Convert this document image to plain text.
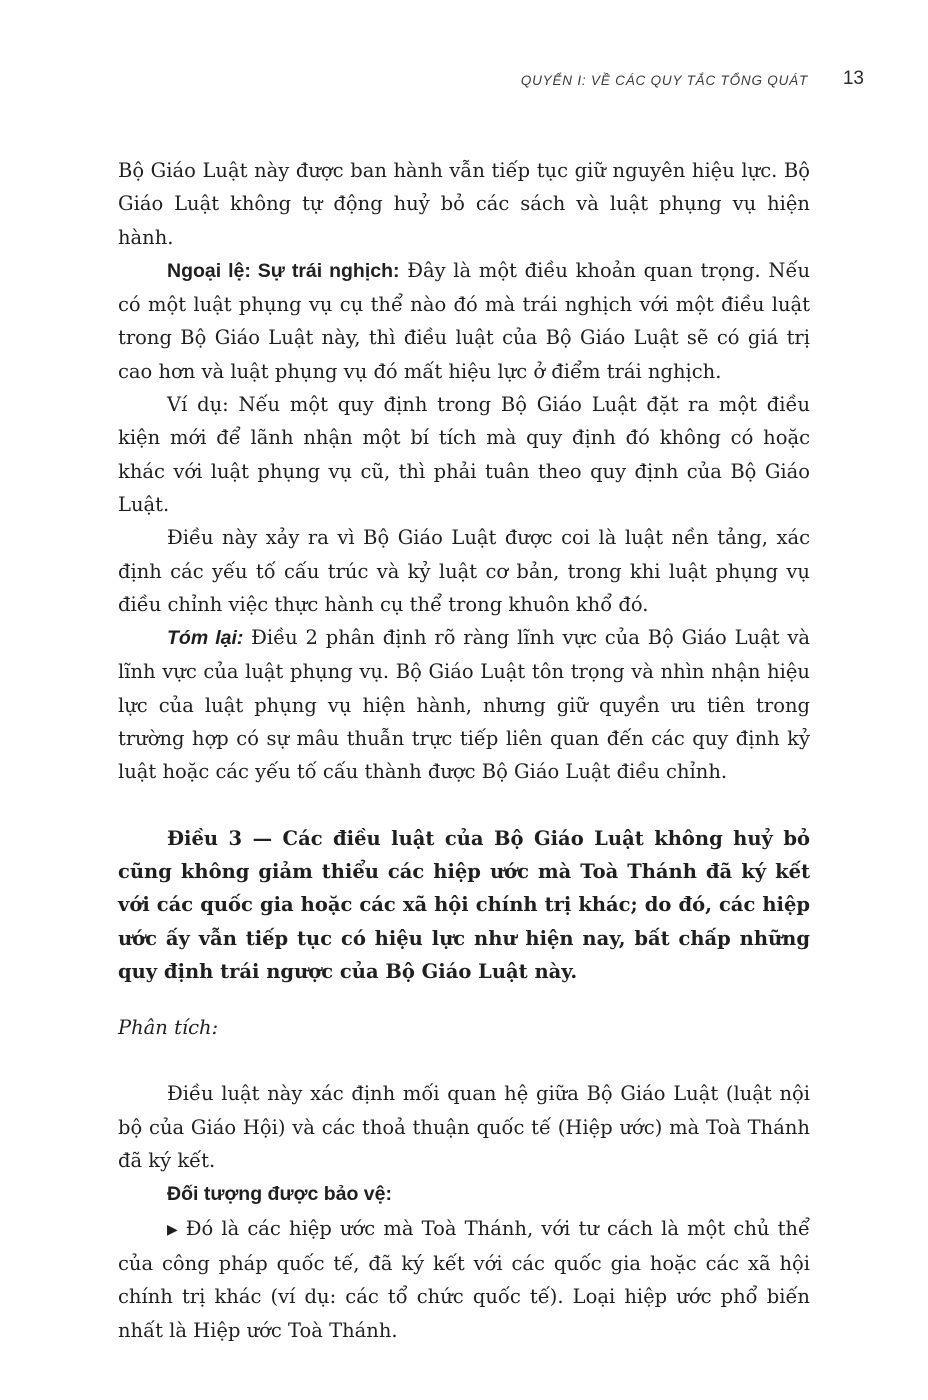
QUYỂN I: VỀ CÁC QUY TẮC TỔNG QUÁT 13

Bộ Giáo Luật này được ban hành vẫn tiếp tục giữ nguyên hiệu lực. Bộ Giáo Luật không tự động huỷ bỏ các sách và luật phụng vụ hiện hành.

Ngoại lệ: Sự trái nghịch: Đây là một điều khoản quan trọng. Nếu có một luật phụng vụ cụ thể nào đó mà trái nghịch với một điều luật trong Bộ Giáo Luật này, thì điều luật của Bộ Giáo Luật sẽ có giá trị cao hơn và luật phụng vụ đó mất hiệu lực ở điểm trái nghịch.

Ví dụ: Nếu một quy định trong Bộ Giáo Luật đặt ra một điều kiện mới để lãnh nhận một bí tích mà quy định đó không có hoặc khác với luật phụng vụ cũ, thì phải tuân theo quy định của Bộ Giáo Luật.

Điều này xảy ra vì Bộ Giáo Luật được coi là luật nền tảng, xác định các yếu tố cấu trúc và kỷ luật cơ bản, trong khi luật phụng vụ điều chỉnh việc thực hành cụ thể trong khuôn khổ đó.

Tóm lại: Điều 2 phân định rõ ràng lĩnh vực của Bộ Giáo Luật và lĩnh vực của luật phụng vụ. Bộ Giáo Luật tôn trọng và nhìn nhận hiệu lực của luật phụng vụ hiện hành, nhưng giữ quyền ưu tiên trong trường hợp có sự mâu thuẫn trực tiếp liên quan đến các quy định kỷ luật hoặc các yếu tố cấu thành được Bộ Giáo Luật điều chỉnh.

Điều 3 — Các điều luật của Bộ Giáo Luật không huỷ bỏ cũng không giảm thiểu các hiệp ước mà Toà Thánh đã ký kết với các quốc gia hoặc các xã hội chính trị khác; do đó, các hiệp ước ấy vẫn tiếp tục có hiệu lực như hiện nay, bất chấp những quy định trái ngược của Bộ Giáo Luật này.

Phân tích:

Điều luật này xác định mối quan hệ giữa Bộ Giáo Luật (luật nội bộ của Giáo Hội) và các thoả thuận quốc tế (Hiệp ước) mà Toà Thánh đã ký kết.

Đối tượng được bảo vệ:

▶ Đó là các hiệp ước mà Toà Thánh, với tư cách là một chủ thể của công pháp quốc tế, đã ký kết với các quốc gia hoặc các xã hội chính trị khác (ví dụ: các tổ chức quốc tế). Loại hiệp ước phổ biến nhất là Hiệp ước Toà Thánh.
